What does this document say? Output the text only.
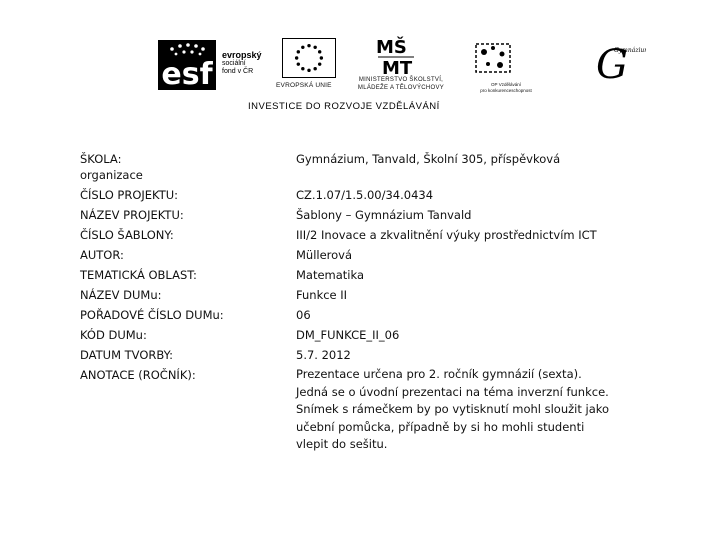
esf
evropský
sociální
fond v ČR
EVROPSKÁ UNIE
MŠ
MT
MINISTERSTVO ŠKOLSTVÍ,
MLÁDEŽE A TĚLOVÝCHOVY
OP Vzdělávání
pro konkurenceschopnost
G
Gymnáziu
INVESTICE DO ROZVOJE VZDĚLÁVÁNÍ
ŠKOLA:
organizace
ČÍSLO PROJEKTU:
NÁZEV PROJEKTU:
ČÍSLO ŠABLONY:
AUTOR:
TEMATICKÁ OBLAST:
NÁZEV DUMu:
POŘADOVÉ ČÍSLO DUMu:
KÓD DUMu:
DATUM TVORBY:
ANOTACE (ROČNÍK):
Gymnázium, Tanvald, Školní 305, příspěvková
CZ.1.07/1.5.00/34.0434
Šablony – Gymnázium Tanvald
III/2 Inovace a zkvalitnění výuky prostřednictvím ICT
Müllerová
Matematika
Funkce II
06
DM_FUNKCE_II_06
5.7. 2012
Prezentace určena pro 2. ročník gymnázií (sexta). Jedná se o úvodní prezentaci na téma inverzní funkce. Snímek s rámečkem by po vytisknutí mohl sloužit jako učební pomůcka, případně by si ho mohli studenti vlepit do sešitu.
